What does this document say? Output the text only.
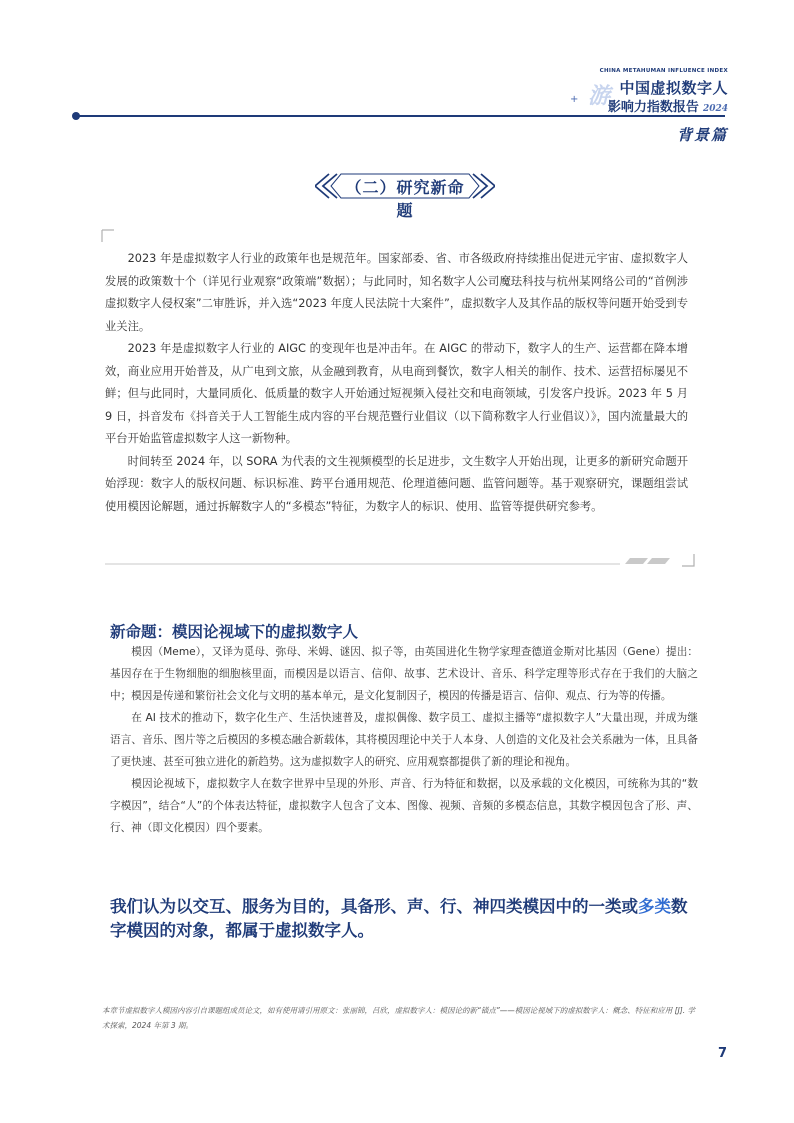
游
+
CHINA METAHUMAN INFLUENCE INDEX
中国虚拟数字人
影响力指数报告 2024
背景篇
（二）研究新命题

2023 年是虚拟数字人行业的政策年也是规范年。国家部委、省、市各级政府持续推出促进元宇宙、虚拟数字人发展的政策数十个（详见行业观察“政策端”数据）；与此同时，知名数字人公司魔珐科技与杭州某网络公司的“首例涉虚拟数字人侵权案”二审胜诉，并入选“2023 年度人民法院十大案件”，虚拟数字人及其作品的版权等问题开始受到专业关注。

2023 年是虚拟数字人行业的 AIGC 的变现年也是冲击年。在 AIGC 的带动下，数字人的生产、运营都在降本增效，商业应用开始普及，从广电到文旅，从金融到教育，从电商到餐饮，数字人相关的制作、技术、运营招标屡见不鲜；但与此同时，大量同质化、低质量的数字人开始通过短视频入侵社交和电商领域，引发客户投诉。2023 年 5 月 9 日，抖音发布《抖音关于人工智能生成内容的平台规范暨行业倡议（以下简称数字人行业倡议）》，国内流量最大的平台开始监管虚拟数字人这一新物种。

时间转至 2024 年，以 SORA 为代表的文生视频模型的长足进步，文生数字人开始出现，让更多的新研究命题开始浮现：数字人的版权问题、标识标准、跨平台通用规范、伦理道德问题、监管问题等。基于观察研究，课题组尝试使用模因论解题，通过拆解数字人的“多模态”特征，为数字人的标识、使用、监管等提供研究参考。

新命题：模因论视域下的虚拟数字人

模因（Meme），又译为觅母、弥母、米姆、谜因、拟子等，由英国进化生物学家理查德道金斯对比基因（Gene）提出：基因存在于生物细胞的细胞核里面，而模因是以语言、信仰、故事、艺术设计、音乐、科学定理等形式存在于我们的大脑之中；模因是传递和繁衍社会文化与文明的基本单元，是文化复制因子，模因的传播是语言、信仰、观点、行为等的传播。

在 AI 技术的推动下，数字化生产、生活快速普及，虚拟偶像、数字员工、虚拟主播等“虚拟数字人”大量出现，并成为继语言、音乐、图片等之后模因的多模态融合新载体，其将模因理论中关于人本身、人创造的文化及社会关系融为一体，且具备了更快速、甚至可独立进化的新趋势。这为虚拟数字人的研究、应用观察都提供了新的理论和视角。

模因论视域下，虚拟数字人在数字世界中呈现的外形、声音、行为特征和数据，以及承载的文化模因，可统称为其的“数字模因”，结合“人”的个体表达特征，虚拟数字人包含了文本、图像、视频、音频的多模态信息，其数字模因包含了形、声、行、神（即文化模因）四个要素。

我们认为以交互、服务为目的，具备形、声、行、神四类模因中的一类或多类数字模因的对象，都属于虚拟数字人。

本章节虚拟数字人模因内容引自课题组成员论文，如有使用请引用原文：张丽锦，吕欣，虚拟数字人：模因论的新“锚点”——模因论视域下的虚拟数字人：概念、特征和应用 [J]. 学术探索，2024 年第 3 期。

7
